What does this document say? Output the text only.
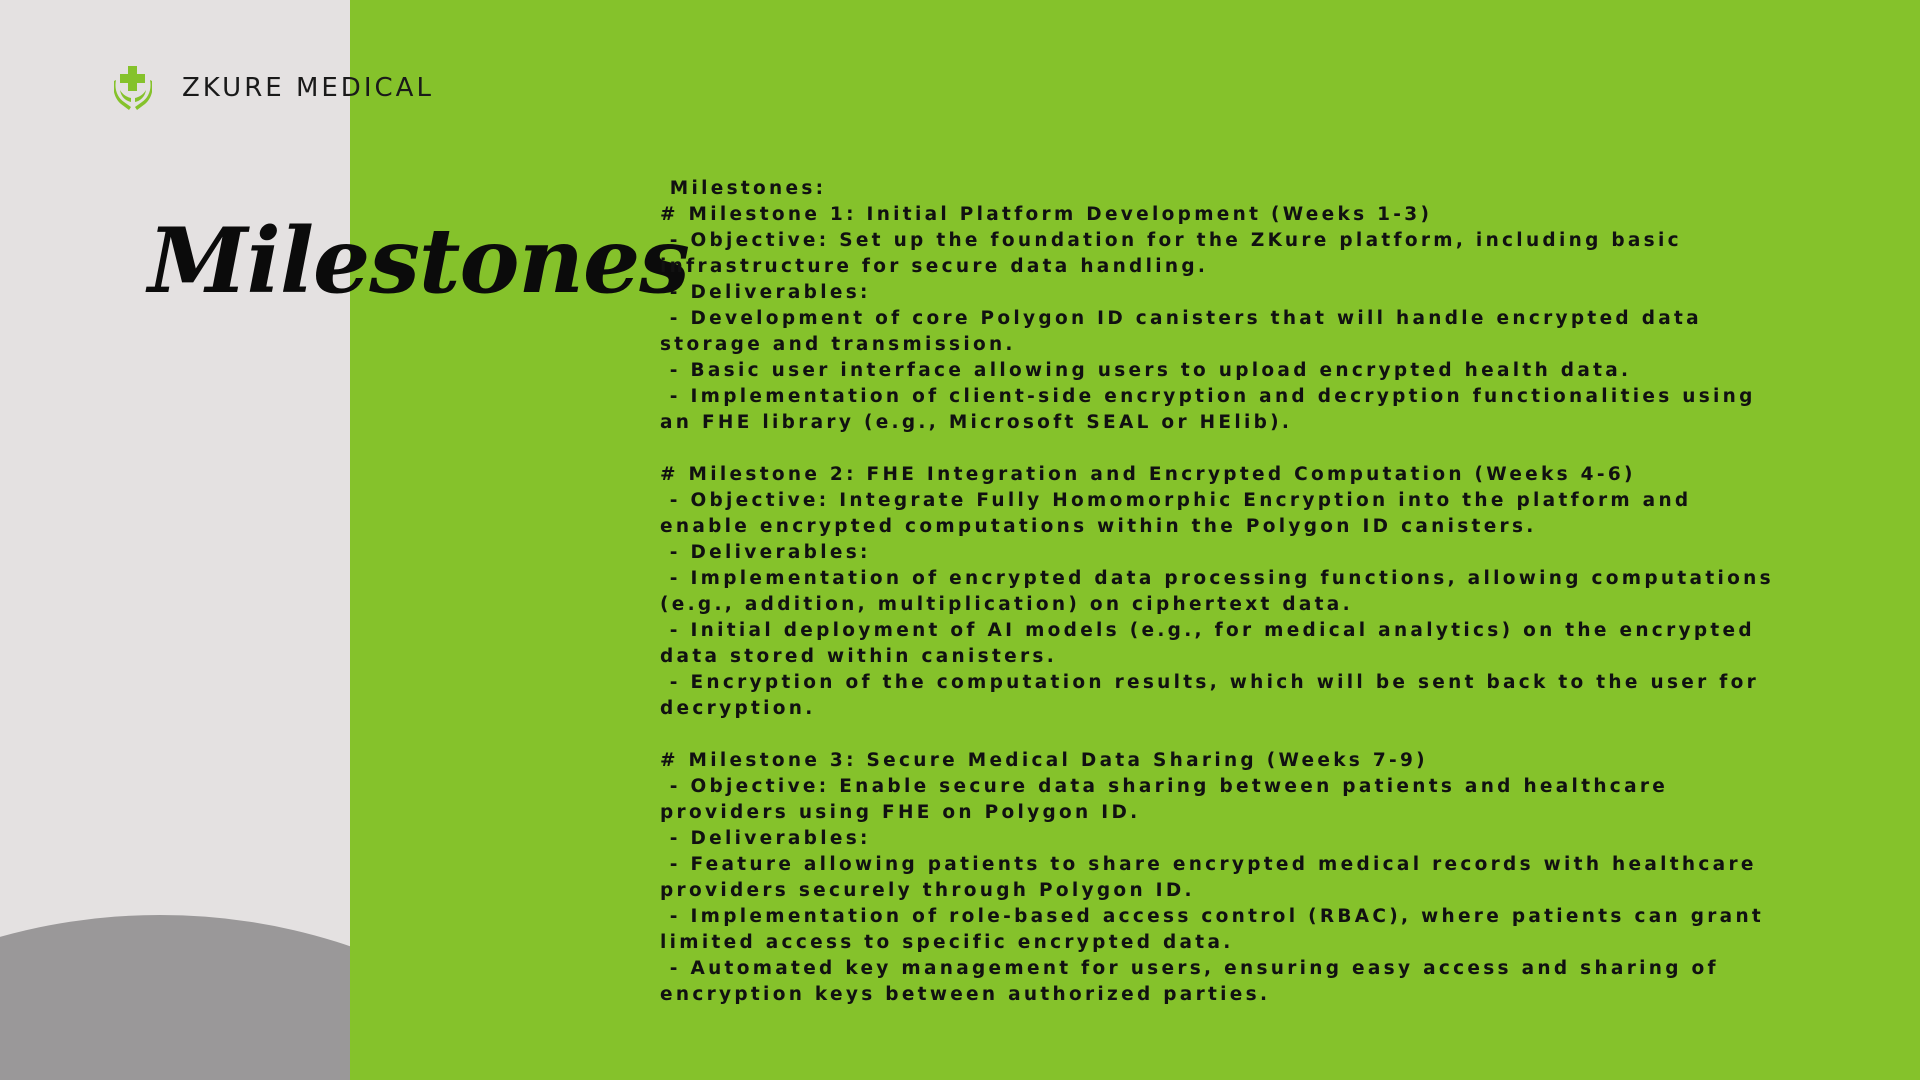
ZKURE MEDICAL
Milestones
Milestones:
# Milestone 1: Initial Platform Development (Weeks 1-3)
- Objective: Set up the foundation for the ZKure platform, including basic
infrastructure for secure data handling.
- Deliverables:
- Development of core Polygon ID canisters that will handle encrypted data
storage and transmission.
- Basic user interface allowing users to upload encrypted health data.
- Implementation of client-side encryption and decryption functionalities using
an FHE library (e.g., Microsoft SEAL or HElib).
# Milestone 2: FHE Integration and Encrypted Computation (Weeks 4-6)
- Objective: Integrate Fully Homomorphic Encryption into the platform and
enable encrypted computations within the Polygon ID canisters.
- Deliverables:
- Implementation of encrypted data processing functions, allowing computations
(e.g., addition, multiplication) on ciphertext data.
- Initial deployment of AI models (e.g., for medical analytics) on the encrypted
data stored within canisters.
- Encryption of the computation results, which will be sent back to the user for
decryption.
# Milestone 3: Secure Medical Data Sharing (Weeks 7-9)
- Objective: Enable secure data sharing between patients and healthcare
providers using FHE on Polygon ID.
- Deliverables:
- Feature allowing patients to share encrypted medical records with healthcare
providers securely through Polygon ID.
- Implementation of role-based access control (RBAC), where patients can grant
limited access to specific encrypted data.
- Automated key management for users, ensuring easy access and sharing of
encryption keys between authorized parties.
